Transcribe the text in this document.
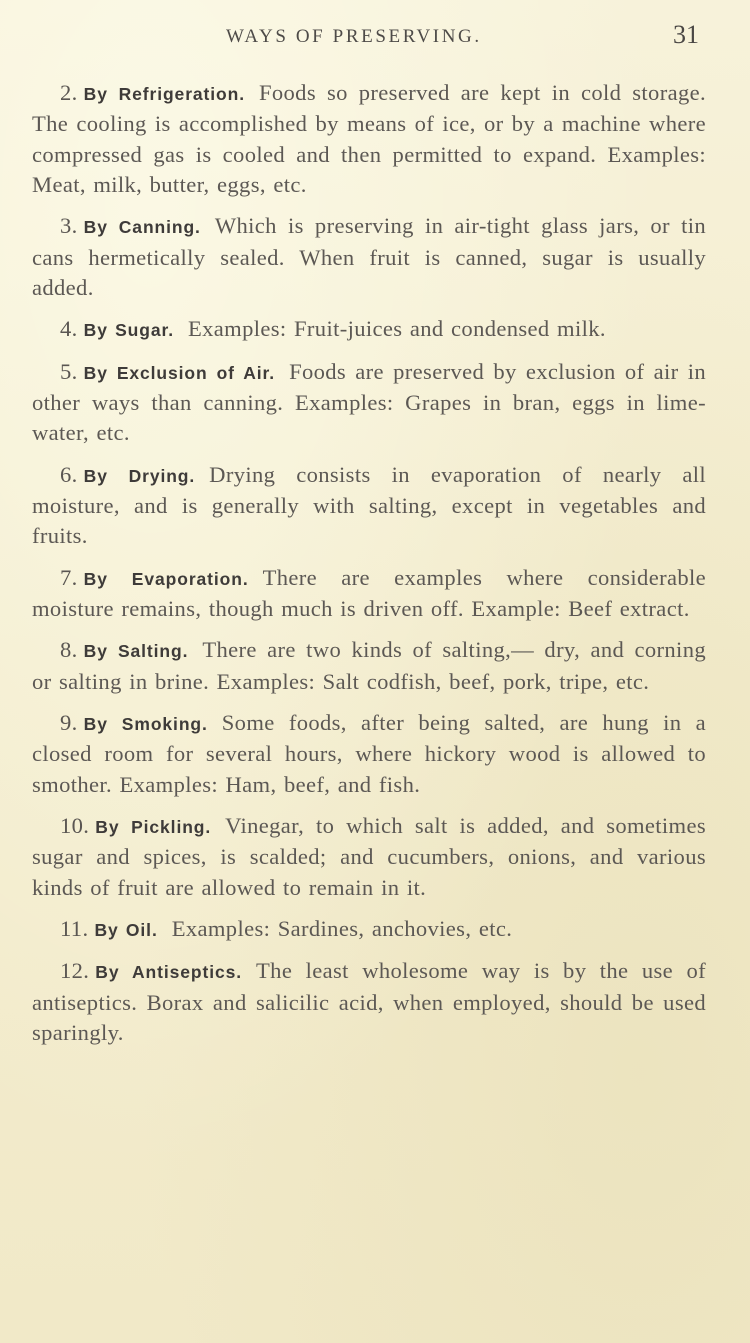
WAYS OF PRESERVING.	31

2. By Refrigeration. Foods so preserved are kept in cold storage. The cooling is accomplished by means of ice, or by a machine where compressed gas is cooled and then permitted to expand. Examples: Meat, milk, butter, eggs, etc.

3. By Canning. Which is preserving in air-tight glass jars, or tin cans hermetically sealed. When fruit is canned, sugar is usually added.

4. By Sugar. Examples: Fruit-juices and condensed milk.

5. By Exclusion of Air. Foods are preserved by exclusion of air in other ways than canning. Examples: Grapes in bran, eggs in lime-water, etc.

6. By Drying. Drying consists in evaporation of nearly all moisture, and is generally with salting, except in vegetables and fruits.

7. By Evaporation. There are examples where considerable moisture remains, though much is driven off. Example: Beef extract.

8. By Salting. There are two kinds of salting,— dry, and corning or salting in brine. Examples: Salt codfish, beef, pork, tripe, etc.

9. By Smoking. Some foods, after being salted, are hung in a closed room for several hours, where hickory wood is allowed to smother. Examples: Ham, beef, and fish.

10. By Pickling. Vinegar, to which salt is added, and sometimes sugar and spices, is scalded; and cucumbers, onions, and various kinds of fruit are allowed to remain in it.

11. By Oil. Examples: Sardines, anchovies, etc.

12. By Antiseptics. The least wholesome way is by the use of antiseptics. Borax and salicilic acid, when employed, should be used sparingly.
